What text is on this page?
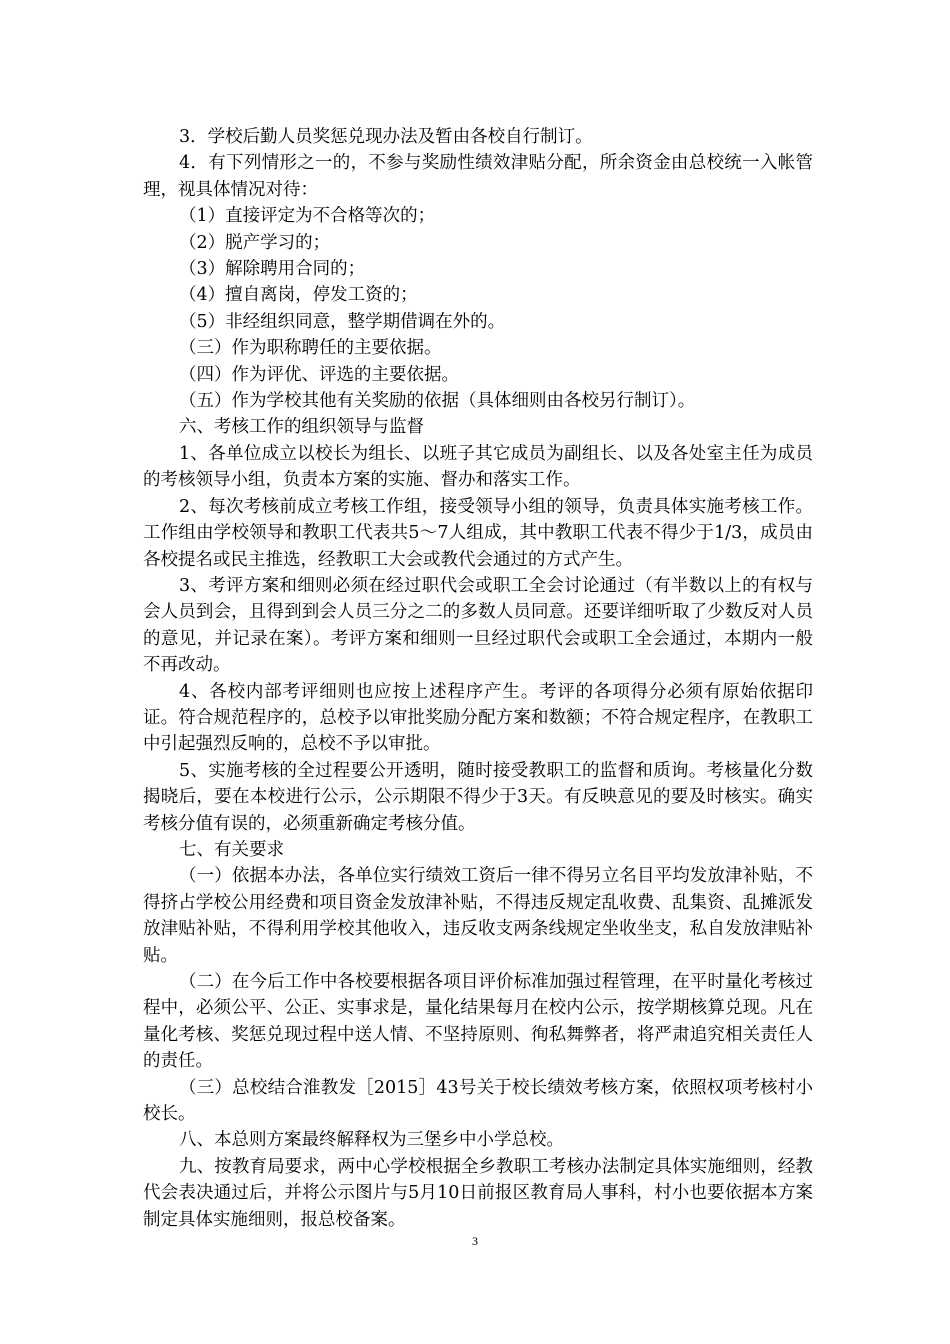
3．学校后勤人员奖惩兑现办法及暂由各校自行制订。

4．有下列情形之一的，不参与奖励性绩效津贴分配，所余资金由总校统一入帐管理，视具体情况对待：

（1）直接评定为不合格等次的；

（2）脱产学习的；

（3）解除聘用合同的；

（4）擅自离岗，停发工资的；

（5）非经组织同意，整学期借调在外的。

（三）作为职称聘任的主要依据。

（四）作为评优、评选的主要依据。

（五）作为学校其他有关奖励的依据（具体细则由各校另行制订）。

六、考核工作的组织领导与监督

1、各单位成立以校长为组长、以班子其它成员为副组长、以及各处室主任为成员的考核领导小组，负责本方案的实施、督办和落实工作。

2、每次考核前成立考核工作组，接受领导小组的领导，负责具体实施考核工作。工作组由学校领导和教职工代表共5～7人组成，其中教职工代表不得少于1/3，成员由各校提名或民主推选，经教职工大会或教代会通过的方式产生。

3、考评方案和细则必须在经过职代会或职工全会讨论通过（有半数以上的有权与会人员到会，且得到到会人员三分之二的多数人员同意。还要详细听取了少数反对人员的意见，并记录在案）。考评方案和细则一旦经过职代会或职工全会通过，本期内一般不再改动。

4、各校内部考评细则也应按上述程序产生。考评的各项得分必须有原始依据印证。符合规范程序的，总校予以审批奖励分配方案和数额；不符合规定程序，在教职工中引起强烈反响的，总校不予以审批。

5、实施考核的全过程要公开透明，随时接受教职工的监督和质询。考核量化分数揭晓后，要在本校进行公示，公示期限不得少于3天。有反映意见的要及时核实。确实考核分值有误的，必须重新确定考核分值。

七、有关要求

（一）依据本办法，各单位实行绩效工资后一律不得另立名目平均发放津补贴，不得挤占学校公用经费和项目资金发放津补贴，不得违反规定乱收费、乱集资、乱摊派发放津贴补贴，不得利用学校其他收入，违反收支两条线规定坐收坐支，私自发放津贴补贴。

（二）在今后工作中各校要根据各项目评价标准加强过程管理，在平时量化考核过程中，必须公平、公正、实事求是，量化结果每月在校内公示，按学期核算兑现。凡在量化考核、奖惩兑现过程中送人情、不坚持原则、徇私舞弊者，将严肃追究相关责任人的责任。

（三）总校结合淮教发［2015］43号关于校长绩效考核方案，依照权项考核村小校长。

八、本总则方案最终解释权为三堡乡中小学总校。

九、按教育局要求，两中心学校根据全乡教职工考核办法制定具体实施细则，经教代会表决通过后，并将公示图片与5月10日前报区教育局人事科，村小也要依据本方案制定具体实施细则，报总校备案。

3
